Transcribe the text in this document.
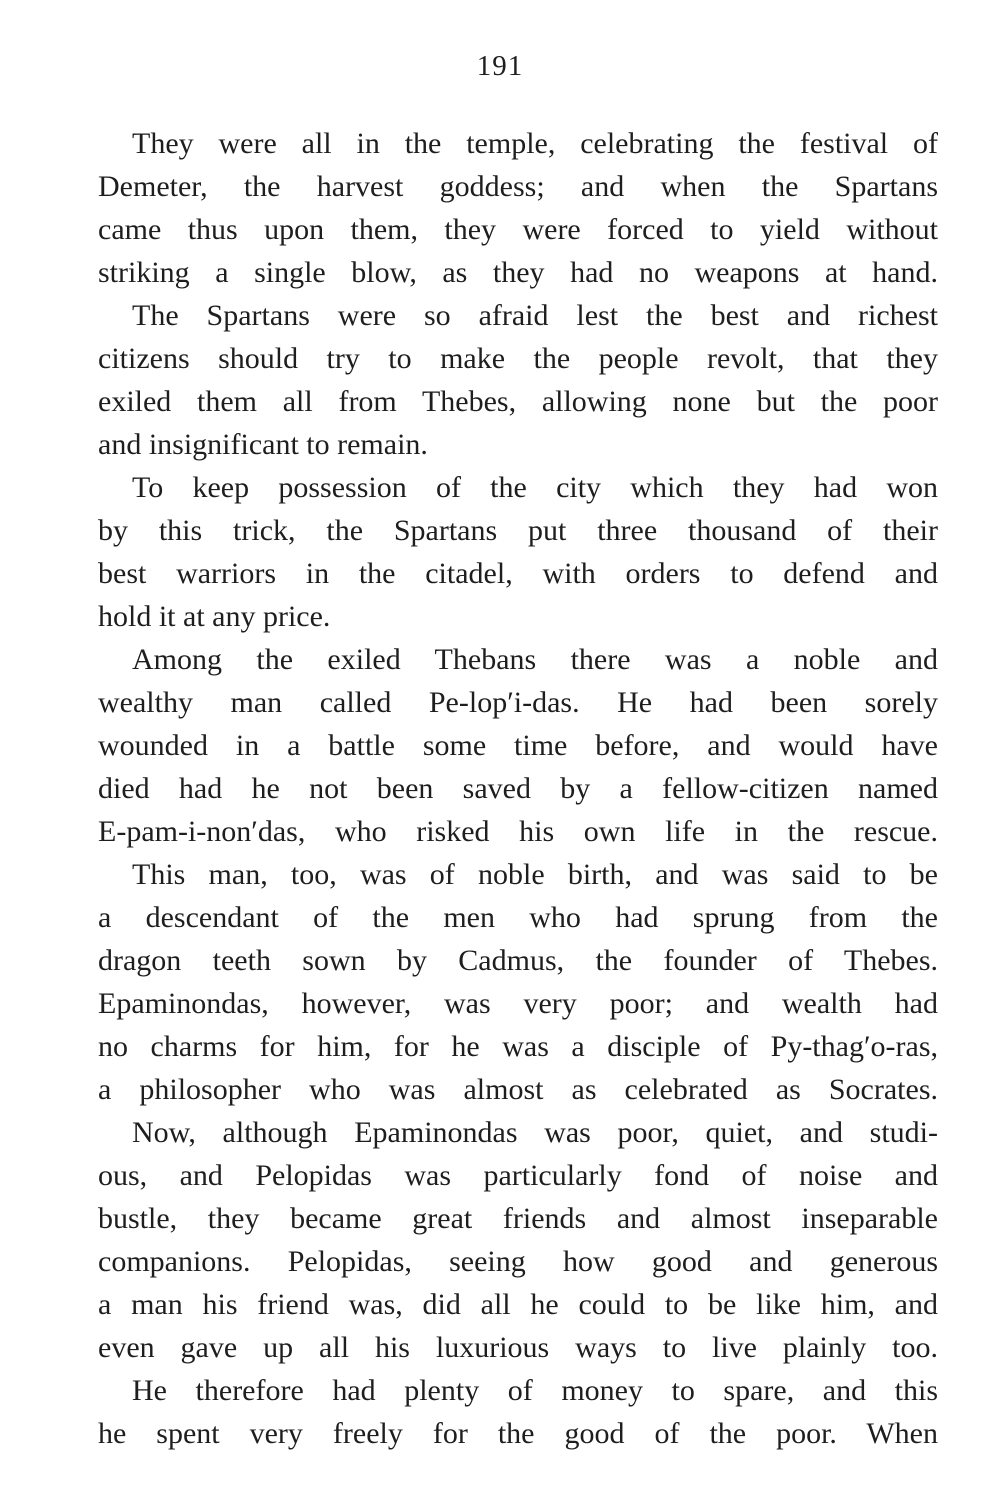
191

They were all in the temple, celebrating the festival of
Demeter, the harvest goddess; and when the Spartans
came thus upon them, they were forced to yield without
striking a single blow, as they had no weapons at hand.

The Spartans were so afraid lest the best and richest
citizens should try to make the people revolt, that they
exiled them all from Thebes, allowing none but the poor
and insignificant to remain.

To keep possession of the city which they had won
by this trick, the Spartans put three thousand of their
best warriors in the citadel, with orders to defend and
hold it at any price.

Among the exiled Thebans there was a noble and
wealthy man called Pe-lop′i-das. He had been sorely
wounded in a battle some time before, and would have
died had he not been saved by a fellow-citizen named
E-pam-i-non′das, who risked his own life in the rescue.

This man, too, was of noble birth, and was said to be
a descendant of the men who had sprung from the
dragon teeth sown by Cadmus, the founder of Thebes.
Epaminondas, however, was very poor; and wealth had
no charms for him, for he was a disciple of Py-thag′o-ras,
a philosopher who was almost as celebrated as Socrates.

Now, although Epaminondas was poor, quiet, and studi-
ous, and Pelopidas was particularly fond of noise and
bustle, they became great friends and almost inseparable
companions. Pelopidas, seeing how good and generous
a man his friend was, did all he could to be like him, and
even gave up all his luxurious ways to live plainly too.

He therefore had plenty of money to spare, and this
he spent very freely for the good of the poor. When
